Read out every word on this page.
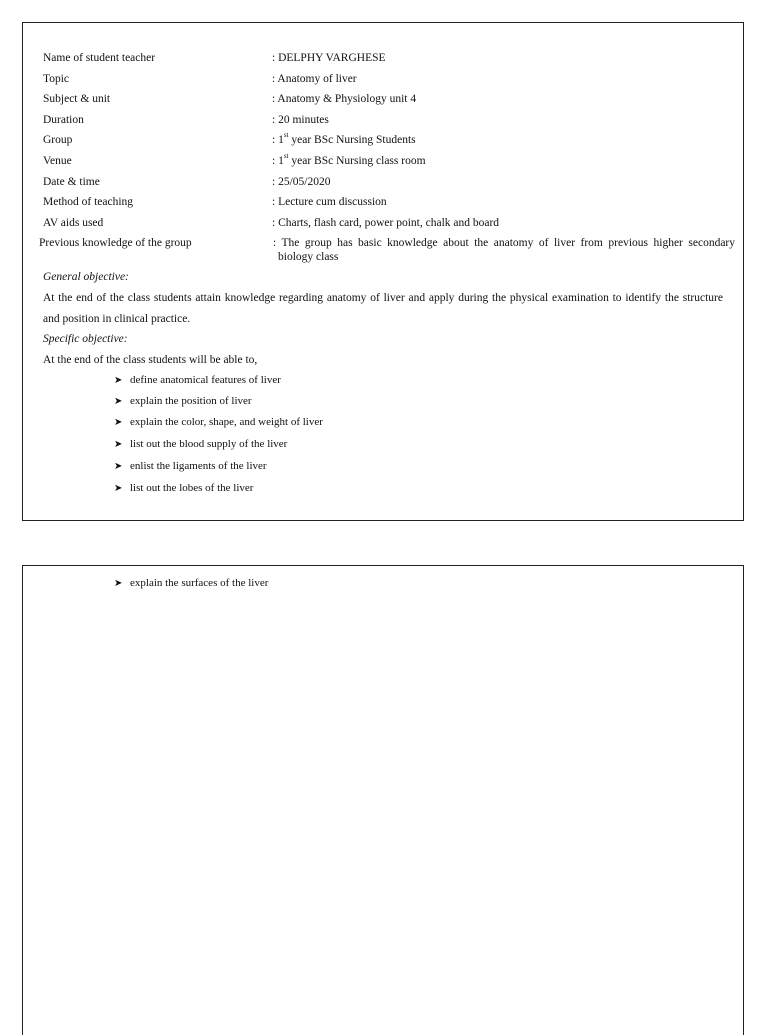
Name of student teacher	: DELPHY VARGHESE
Topic	: Anatomy of liver
Subject & unit	: Anatomy & Physiology unit 4
Duration	: 20 minutes
Group	: 1st year BSc Nursing Students
Venue	: 1st year BSc Nursing class room
Date & time	: 25/05/2020
Method of teaching	: Lecture cum discussion
AV aids used	: Charts, flash card, power point, chalk and board
Previous knowledge of the group	: The group has basic knowledge about the anatomy of liver from previous higher secondary
biology class
General objective:
At the end of the class students attain knowledge regarding anatomy of liver and apply during the physical examination to identify the structure
and position in clinical practice.
Specific objective:
At the end of the class students will be able to,
➤ define anatomical features of liver
➤ explain the position of liver
➤ explain the color, shape, and weight of liver
➤ list out the blood supply of the liver
➤ enlist the ligaments of the liver
➤ list out the lobes of the liver
➤ explain the surfaces of the liver
